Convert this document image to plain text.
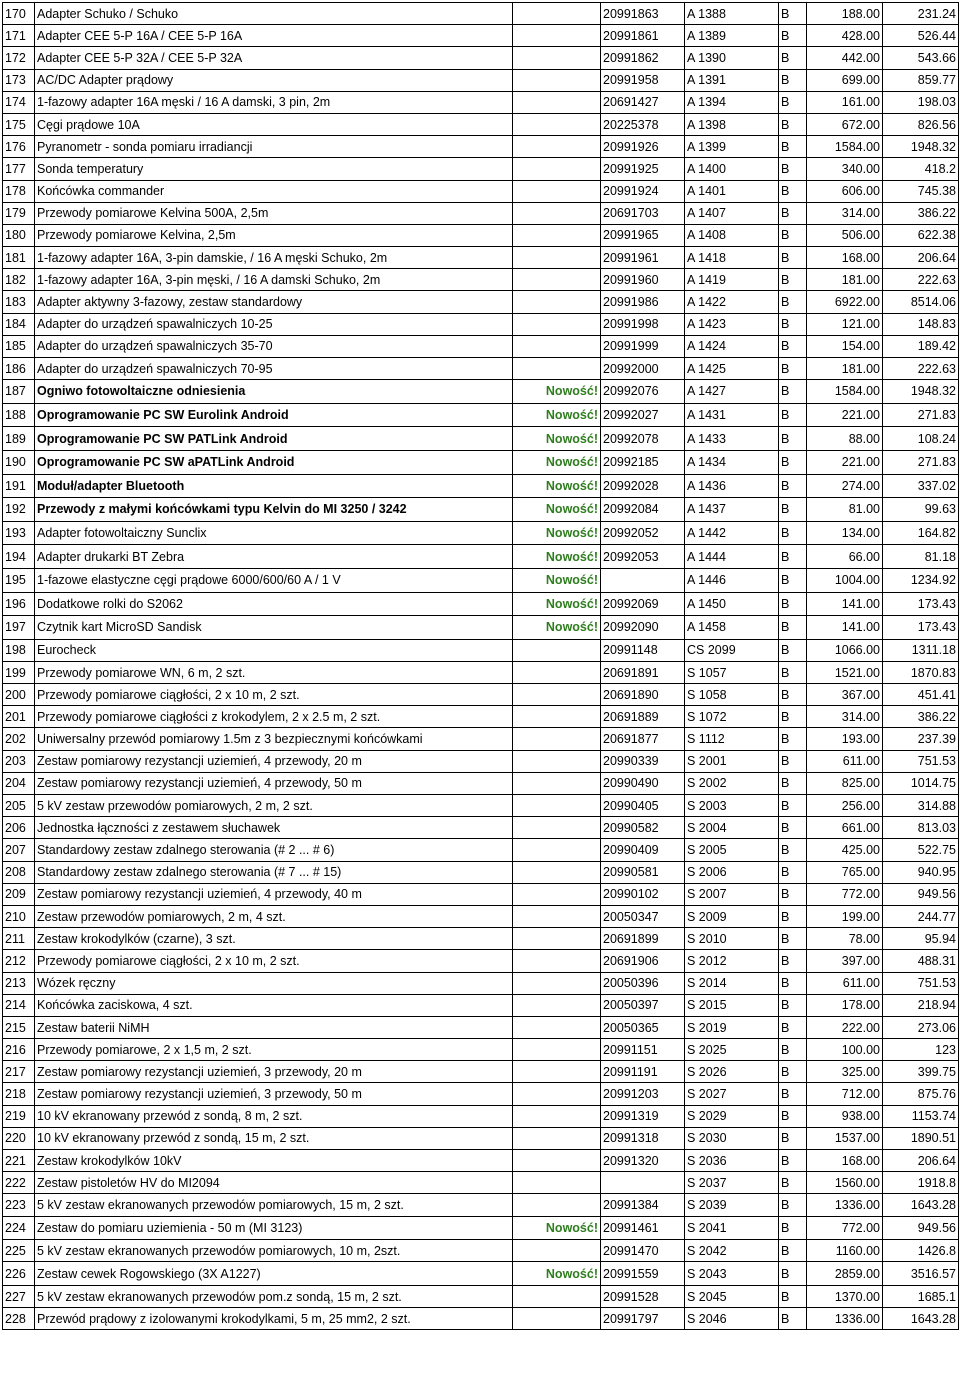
170	Adapter Schuko / Schuko		20991863	A 1388	B	188.00	231.24
171	Adapter CEE 5-P 16A / CEE 5-P 16A		20991861	A 1389	B	428.00	526.44
172	Adapter CEE 5-P 32A / CEE 5-P 32A		20991862	A 1390	B	442.00	543.66
173	AC/DC Adapter prądowy		20991958	A 1391	B	699.00	859.77
174	1-fazowy adapter 16A męski / 16 A damski, 3 pin, 2m		20691427	A 1394	B	161.00	198.03
175	Cęgi prądowe 10A		20225378	A 1398	B	672.00	826.56
176	Pyranometr - sonda pomiaru irradiancji		20991926	A 1399	B	1584.00	1948.32
177	Sonda temperatury		20991925	A 1400	B	340.00	418.2
178	Końcówka commander		20991924	A 1401	B	606.00	745.38
179	Przewody pomiarowe Kelvina 500A, 2,5m		20691703	A 1407	B	314.00	386.22
180	Przewody pomiarowe Kelvina, 2,5m		20991965	A 1408	B	506.00	622.38
181	1-fazowy adapter 16A, 3-pin damskie, / 16 A męski Schuko, 2m		20991961	A 1418	B	168.00	206.64
182	1-fazowy adapter 16A, 3-pin męski, / 16 A damski Schuko, 2m		20991960	A 1419	B	181.00	222.63
183	Adapter aktywny 3-fazowy, zestaw standardowy		20991986	A 1422	B	6922.00	8514.06
184	Adapter do urządzeń spawalniczych 10-25		20991998	A 1423	B	121.00	148.83
185	Adapter do urządzeń spawalniczych 35-70		20991999	A 1424	B	154.00	189.42
186	Adapter do urządzeń spawalniczych 70-95		20992000	A 1425	B	181.00	222.63
187	Ogniwo fotowoltaiczne odniesienia	Nowość!	20992076	A 1427	B	1584.00	1948.32
188	Oprogramowanie PC SW Eurolink Android	Nowość!	20992027	A 1431	B	221.00	271.83
189	Oprogramowanie PC SW PATLink Android	Nowość!	20992078	A 1433	B	88.00	108.24
190	Oprogramowanie PC SW aPATLink Android	Nowość!	20992185	A 1434	B	221.00	271.83
191	Moduł/adapter Bluetooth	Nowość!	20992028	A 1436	B	274.00	337.02
192	Przewody z małymi końcówkami typu Kelvin do MI 3250 / 3242	Nowość!	20992084	A 1437	B	81.00	99.63
193	Adapter fotowoltaiczny Sunclix	Nowość!	20992052	A 1442	B	134.00	164.82
194	Adapter drukarki BT Zebra	Nowość!	20992053	A 1444	B	66.00	81.18
195	1-fazowe elastyczne cęgi prądowe 6000/600/60 A / 1 V	Nowość!		A 1446	B	1004.00	1234.92
196	Dodatkowe rolki do S2062	Nowość!	20992069	A 1450	B	141.00	173.43
197	Czytnik kart MicroSD Sandisk	Nowość!	20992090	A 1458	B	141.00	173.43
198	Eurocheck		20991148	CS 2099	B	1066.00	1311.18
199	Przewody pomiarowe WN, 6 m, 2 szt.		20691891	S 1057	B	1521.00	1870.83
200	Przewody pomiarowe ciągłości, 2 x 10 m, 2 szt.		20691890	S 1058	B	367.00	451.41
201	Przewody pomiarowe ciągłości z krokodylem, 2 x 2.5 m, 2 szt.		20691889	S 1072	B	314.00	386.22
202	Uniwersalny przewód pomiarowy 1.5m z 3 bezpiecznymi końcówkami		20691877	S 1112	B	193.00	237.39
203	Zestaw pomiarowy rezystancji uziemień, 4 przewody, 20 m		20990339	S 2001	B	611.00	751.53
204	Zestaw pomiarowy rezystancji uziemień, 4 przewody, 50 m		20990490	S 2002	B	825.00	1014.75
205	5 kV zestaw przewodów pomiarowych, 2 m, 2 szt.		20990405	S 2003	B	256.00	314.88
206	Jednostka łączności z zestawem słuchawek		20990582	S 2004	B	661.00	813.03
207	Standardowy zestaw zdalnego sterowania (# 2 ... # 6)		20990409	S 2005	B	425.00	522.75
208	Standardowy zestaw zdalnego sterowania (# 7 ... # 15)		20990581	S 2006	B	765.00	940.95
209	Zestaw pomiarowy rezystancji uziemień, 4 przewody, 40 m		20990102	S 2007	B	772.00	949.56
210	Zestaw przewodów pomiarowych, 2 m, 4 szt.		20050347	S 2009	B	199.00	244.77
211	Zestaw krokodylków (czarne), 3 szt.		20691899	S 2010	B	78.00	95.94
212	Przewody pomiarowe ciągłości, 2 x 10 m, 2 szt.		20691906	S 2012	B	397.00	488.31
213	Wózek ręczny		20050396	S 2014	B	611.00	751.53
214	Końcówka zaciskowa, 4 szt.		20050397	S 2015	B	178.00	218.94
215	Zestaw baterii NiMH		20050365	S 2019	B	222.00	273.06
216	Przewody pomiarowe, 2 x 1,5 m, 2 szt.		20991151	S 2025	B	100.00	123
217	Zestaw pomiarowy rezystancji uziemień, 3 przewody, 20 m		20991191	S 2026	B	325.00	399.75
218	Zestaw pomiarowy rezystancji uziemień, 3 przewody, 50 m		20991203	S 2027	B	712.00	875.76
219	10 kV ekranowany przewód z sondą, 8 m, 2 szt.		20991319	S 2029	B	938.00	1153.74
220	10 kV ekranowany przewód z sondą, 15 m, 2 szt.		20991318	S 2030	B	1537.00	1890.51
221	Zestaw krokodylków 10kV		20991320	S 2036	B	168.00	206.64
222	Zestaw pistoletów HV do MI2094			S 2037	B	1560.00	1918.8
223	5 kV zestaw ekranowanych przewodów pomiarowych, 15 m, 2 szt.		20991384	S 2039	B	1336.00	1643.28
224	Zestaw do pomiaru uziemienia - 50 m (MI 3123)	Nowość!	20991461	S 2041	B	772.00	949.56
225	5 kV zestaw ekranowanych przewodów pomiarowych, 10 m, 2szt.		20991470	S 2042	B	1160.00	1426.8
226	Zestaw cewek Rogowskiego (3X A1227)	Nowość!	20991559	S 2043	B	2859.00	3516.57
227	5 kV zestaw ekranowanych przewodów pom.z sondą, 15 m, 2 szt.		20991528	S 2045	B	1370.00	1685.1
228	Przewód prądowy z izolowanymi krokodylkami, 5 m, 25 mm2, 2 szt.		20991797	S 2046	B	1336.00	1643.28
